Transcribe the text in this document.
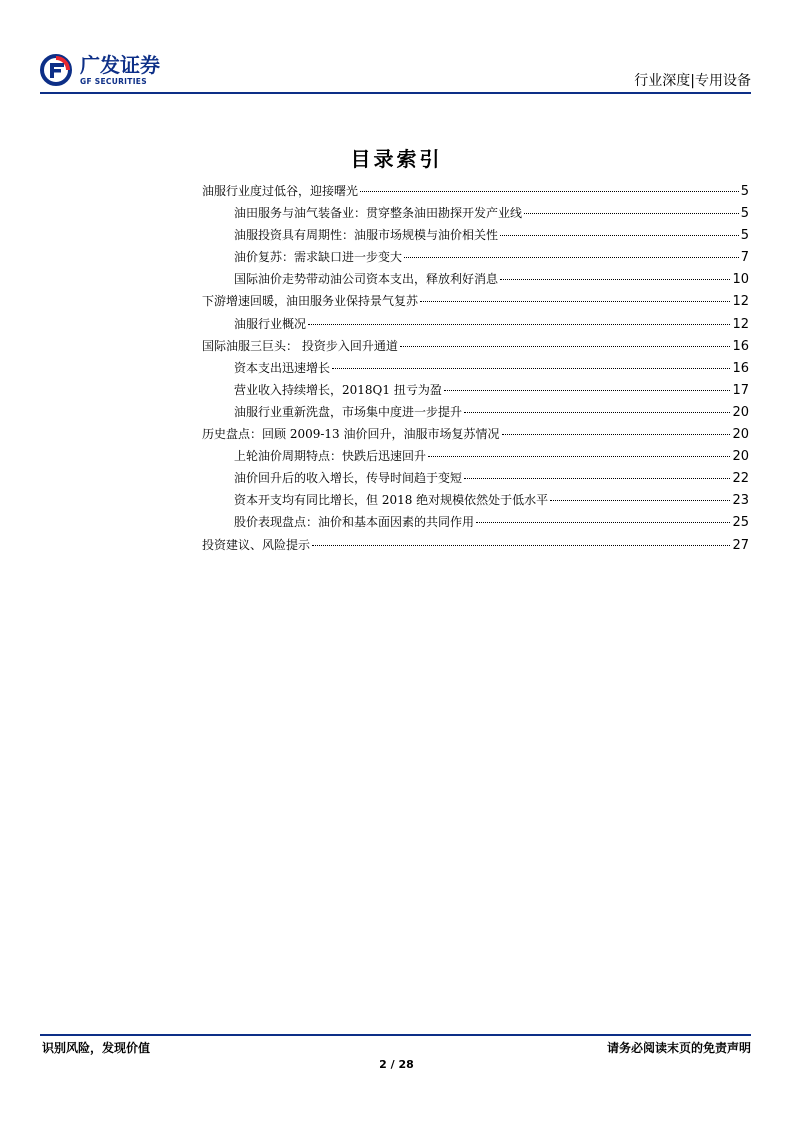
广发证券
GF SECURITIES	行业深度|专用设备
目录索引
油服行业度过低谷，迎接曙光	5
油田服务与油气装备业：贯穿整条油田勘探开发产业线	5
油服投资具有周期性：油服市场规模与油价相关性	5
油价复苏：需求缺口进一步变大	7
国际油价走势带动油公司资本支出，释放利好消息	10
下游增速回暖，油田服务业保持景气复苏	12
油服行业概况	12
国际油服三巨头： 投资步入回升通道	16
资本支出迅速增长	16
营业收入持续增长，2018Q1 扭亏为盈	17
油服行业重新洗盘，市场集中度进一步提升	20
历史盘点：回顾 2009-13 油价回升，油服市场复苏情况	20
上轮油价周期特点：快跌后迅速回升	20
油价回升后的收入增长，传导时间趋于变短	22
资本开支均有同比增长，但 2018 绝对规模依然处于低水平	23
股价表现盘点：油价和基本面因素的共同作用	25
投资建议、风险提示	27
识别风险，发现价值	请务必阅读末页的免责声明
2 / 28
